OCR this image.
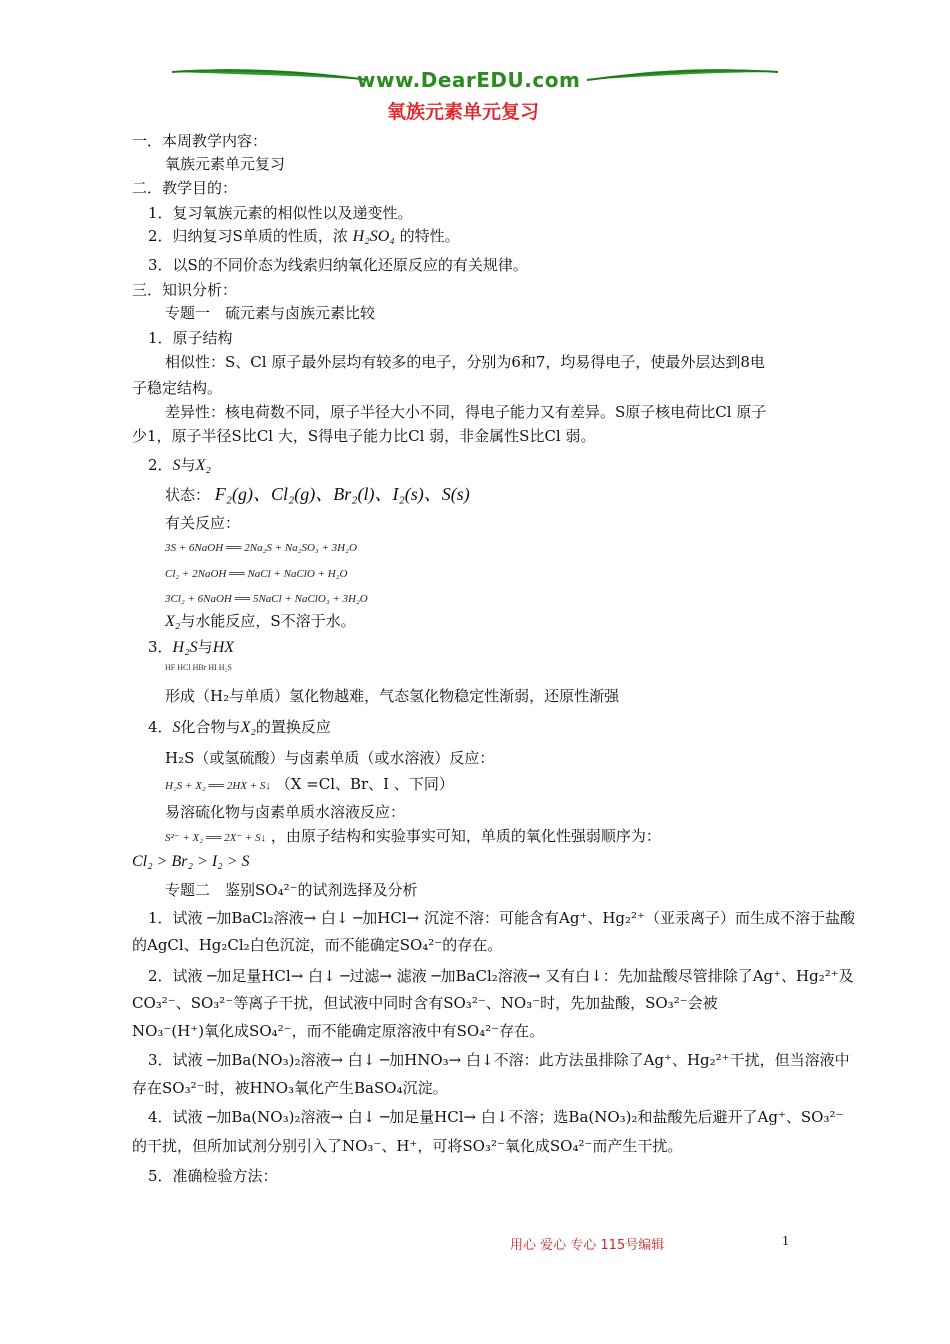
www.DearEDU.com
氧族元素单元复习
一．本周教学内容：
氧族元素单元复习
二．教学目的：
1．复习氧族元素的相似性以及递变性。
2．归纳复习S单质的性质，浓 H₂SO₄ 的特性。
3．以S的不同价态为线索归纳氧化还原反应的有关规律。
三．知识分析：
专题一　硫元素与卤族元素比较
1．原子结构
相似性：S、Cl 原子最外层均有较多的电子，分别为6和7，均易得电子，使最外层达到8电
子稳定结构。
差异性：核电荷数不同，原子半径大小不同，得电子能力又有差异。S原子核电荷比Cl 原子
少1，原子半径S比Cl 大，S得电子能力比Cl 弱，非金属性S比Cl 弱。
2．S与X₂
状态： F₂(g)、Cl₂(g)、Br₂(l)、I₂(s)、S(s)
有关反应：
3S + 6NaOH ══ 2Na₂S + Na₂SO₃ + 3H₂O
Cl₂ + 2NaOH ══ NaCl + NaClO + H₂O
3Cl₂ + 6NaOH ══ 5NaCl + NaClO₃ + 3H₂O
X₂与水能反应，S不溶于水。
3．H₂S与HX
HF HCl HBr HI H₂S
形成（H₂与单质）氢化物越难，气态氢化物稳定性渐弱，还原性渐强
4．S化合物与X₂的置换反应
H₂S（或氢硫酸）与卤素单质（或水溶液）反应：
H₂S + X₂ ══ 2HX + S↓ （X =Cl、Br、I 、下同）
易溶硫化物与卤素单质水溶液反应：
S²⁻ + X₂ ══ 2X⁻ + S↓ ，由原子结构和实验事实可知，单质的氧化性强弱顺序为：
Cl₂ > Br₂ > I₂ > S
专题二　鉴别SO₄²⁻的试剂选择及分析
1．试液 ─加BaCl₂溶液→ 白↓ ─加HCl→ 沉淀不溶：可能含有Ag⁺、Hg₂²⁺（亚汞离子）而生成不溶于盐酸
的AgCl、Hg₂Cl₂白色沉淀，而不能确定SO₄²⁻的存在。
2．试液 ─加足量HCl→ 白↓ ─过滤→ 滤液 ─加BaCl₂溶液→ 又有白↓：先加盐酸尽管排除了Ag⁺、Hg₂²⁺及
CO₃²⁻、SO₃²⁻等离子干扰，但试液中同时含有SO₃²⁻、NO₃⁻时，先加盐酸，SO₃²⁻会被
NO₃⁻(H⁺)氧化成SO₄²⁻，而不能确定原溶液中有SO₄²⁻存在。
3．试液 ─加Ba(NO₃)₂溶液→ 白↓ ─加HNO₃→ 白↓不溶：此方法虽排除了Ag⁺、Hg₂²⁺干扰，但当溶液中
存在SO₃²⁻时，被HNO₃氧化产生BaSO₄沉淀。
4．试液 ─加Ba(NO₃)₂溶液→ 白↓ ─加足量HCl→ 白↓不溶；选Ba(NO₃)₂和盐酸先后避开了Ag⁺、SO₃²⁻
的干扰，但所加试剂分别引入了NO₃⁻、H⁺，可将SO₃²⁻氧化成SO₄²⁻而产生干扰。
5．准确检验方法：
用心 爱心 专心 115号编辑	1
